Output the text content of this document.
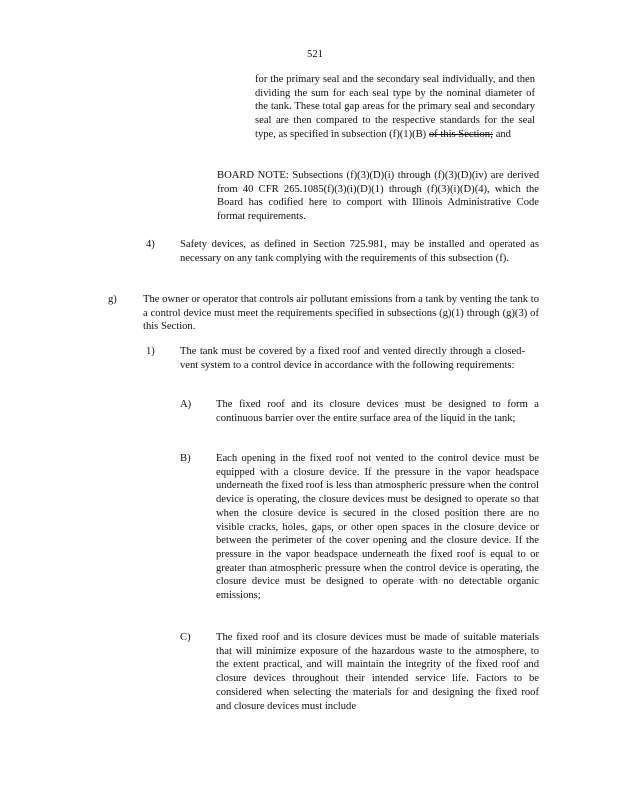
521
for the primary seal and the secondary seal individually, and then dividing the sum for each seal type by the nominal diameter of the tank. These total gap areas for the primary seal and secondary seal are then compared to the respective standards for the seal type, as specified in subsection (f)(1)(B) of this Section; and
BOARD NOTE: Subsections (f)(3)(D)(i) through (f)(3)(D)(iv) are derived from 40 CFR 265.1085(f)(3)(i)(D)(1) through (f)(3)(i)(D)(4), which the Board has codified here to comport with Illinois Administrative Code format requirements.
4) Safety devices, as defined in Section 725.981, may be installed and operated as necessary on any tank complying with the requirements of this subsection (f).
g) The owner or operator that controls air pollutant emissions from a tank by venting the tank to a control device must meet the requirements specified in subsections (g)(1) through (g)(3) of this Section.
1) The tank must be covered by a fixed roof and vented directly through a closed-vent system to a control device in accordance with the following requirements:
A) The fixed roof and its closure devices must be designed to form a continuous barrier over the entire surface area of the liquid in the tank;
B) Each opening in the fixed roof not vented to the control device must be equipped with a closure device. If the pressure in the vapor headspace underneath the fixed roof is less than atmospheric pressure when the control device is operating, the closure devices must be designed to operate so that when the closure device is secured in the closed position there are no visible cracks, holes, gaps, or other open spaces in the closure device or between the perimeter of the cover opening and the closure device. If the pressure in the vapor headspace underneath the fixed roof is equal to or greater than atmospheric pressure when the control device is operating, the closure device must be designed to operate with no detectable organic emissions;
C) The fixed roof and its closure devices must be made of suitable materials that will minimize exposure of the hazardous waste to the atmosphere, to the extent practical, and will maintain the integrity of the fixed roof and closure devices throughout their intended service life. Factors to be considered when selecting the materials for and designing the fixed roof and closure devices must include
